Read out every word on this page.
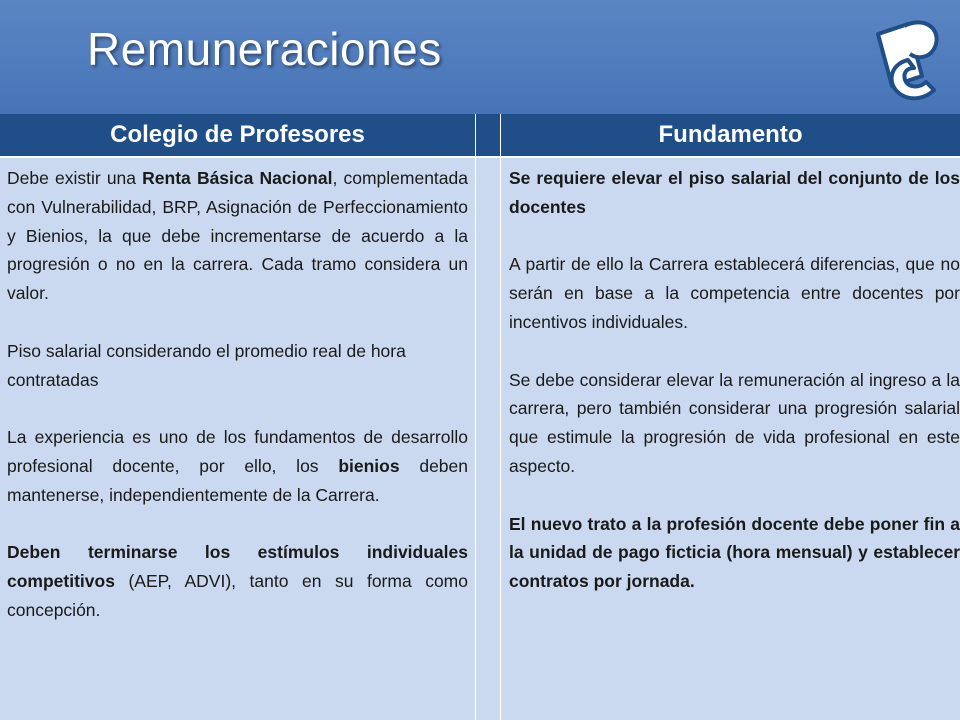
Remuneraciones
Colegio de Profesores	Fundamento

Debe existir una Renta Básica Nacional, complementada con Vulnerabilidad, BRP, Asignación de Perfeccionamiento y Bienios, la que debe incrementarse de acuerdo a la progresión o no en la carrera. Cada tramo considera un valor.

Piso salarial considerando el promedio real de hora contratadas

La experiencia es uno de los fundamentos de desarrollo profesional docente, por ello, los bienios deben mantenerse, independientemente de la Carrera.

Deben terminarse los estímulos individuales competitivos (AEP, ADVI), tanto en su forma como concepción.

Se requiere elevar el piso salarial del conjunto de los docentes

A partir de ello la Carrera establecerá diferencias, que no serán en base a la competencia entre docentes por incentivos individuales.

Se debe considerar elevar la remuneración al ingreso a la carrera, pero también considerar una progresión salarial que estimule la progresión de vida profesional en este aspecto.

El nuevo trato a la profesión docente debe poner fin a la unidad de pago ficticia (hora mensual) y establecer contratos por jornada.
